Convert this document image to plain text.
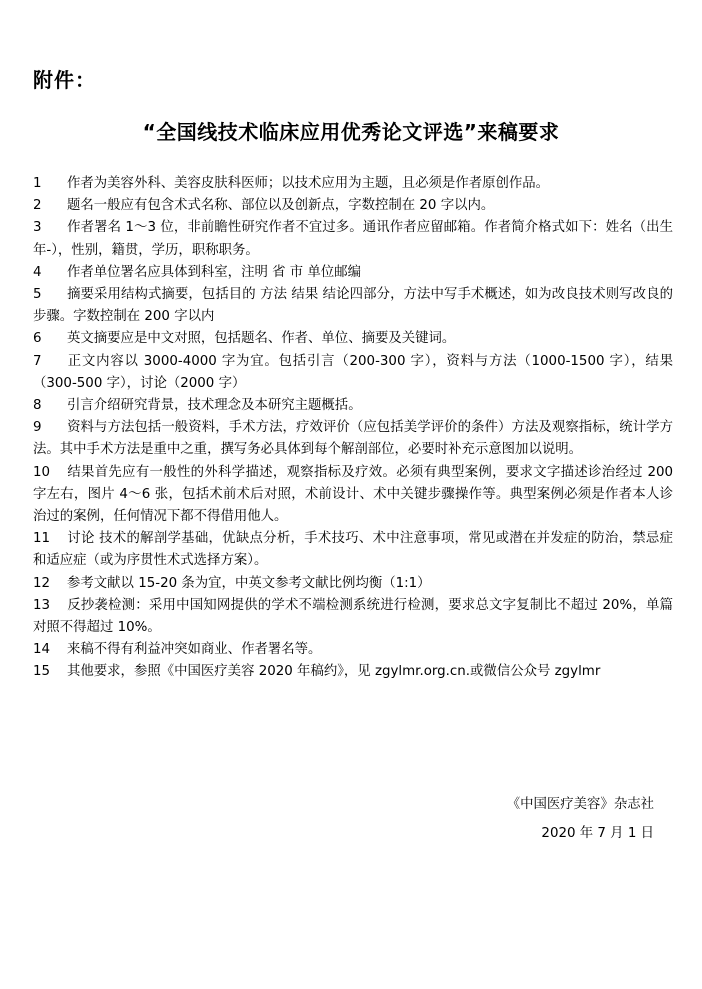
附件：
“全国线技术临床应用优秀论文评选”来稿要求

1 作者为美容外科、美容皮肤科医师；以技术应用为主题，且必须是作者原创作品。

2 题名一般应有包含术式名称、部位以及创新点，字数控制在 20 字以内。

3 作者署名 1～3 位，非前瞻性研究作者不宜过多。通讯作者应留邮箱。作者简介格式如下：姓名（出生年-），性别，籍贯，学历，职称职务。

4 作者单位署名应具体到科室，注明 省 市 单位邮编

5 摘要采用结构式摘要，包括目的 方法 结果 结论四部分，方法中写手术概述，如为改良技术则写改良的步骤。字数控制在 200 字以内

6 英文摘要应是中文对照，包括题名、作者、单位、摘要及关键词。

7 正文内容以 3000-4000 字为宜。包括引言（200-300 字），资料与方法（1000-1500 字），结果（300-500 字），讨论（2000 字）

8 引言介绍研究背景，技术理念及本研究主题概括。

9 资料与方法包括一般资料，手术方法，疗效评价（应包括美学评价的条件）方法及观察指标，统计学方法。其中手术方法是重中之重，撰写务必具体到每个解剖部位，必要时补充示意图加以说明。

10 结果首先应有一般性的外科学描述，观察指标及疗效。必须有典型案例，要求文字描述诊治经过 200 字左右，图片 4～6 张，包括术前术后对照，术前设计、术中关键步骤操作等。典型案例必须是作者本人诊治过的案例，任何情况下都不得借用他人。

11 讨论 技术的解剖学基础，优缺点分析，手术技巧、术中注意事项，常见或潜在并发症的防治，禁忌症和适应症（或为序贯性术式选择方案）。

12 参考文献以 15-20 条为宜，中英文参考文献比例均衡（1:1）

13 反抄袭检测：采用中国知网提供的学术不端检测系统进行检测，要求总文字复制比不超过 20%，单篇对照不得超过 10%。

14 来稿不得有利益冲突如商业、作者署名等。

15 其他要求，参照《中国医疗美容 2020 年稿约》，见 zgylmr.org.cn.或微信公众号 zgylmr

《中国医疗美容》杂志社
2020 年 7 月 1 日
